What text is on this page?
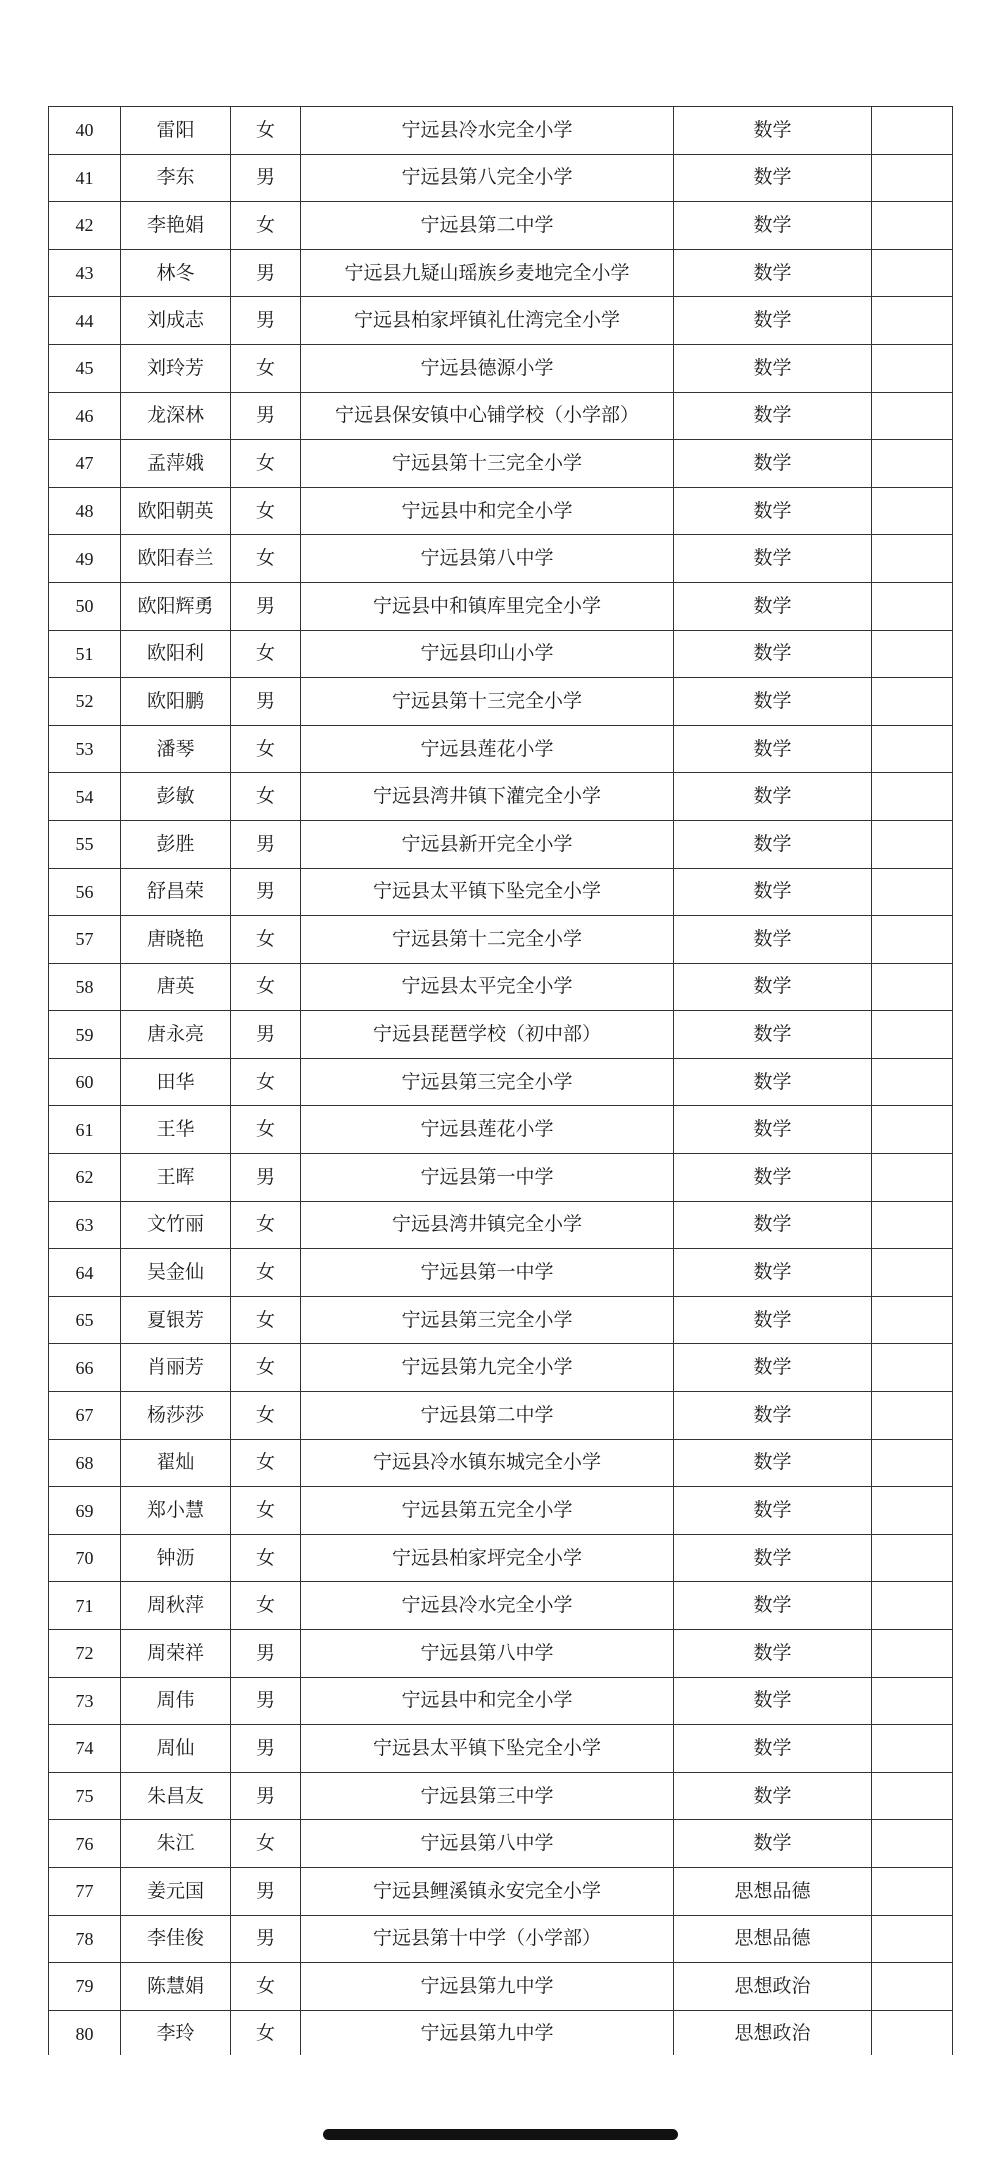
40	雷阳	女	宁远县冷水完全小学	数学	
41	李东	男	宁远县第八完全小学	数学	
42	李艳娟	女	宁远县第二中学	数学	
43	林冬	男	宁远县九疑山瑶族乡麦地完全小学	数学	
44	刘成志	男	宁远县柏家坪镇礼仕湾完全小学	数学	
45	刘玲芳	女	宁远县德源小学	数学	
46	龙深林	男	宁远县保安镇中心铺学校（小学部）	数学	
47	孟萍娥	女	宁远县第十三完全小学	数学	
48	欧阳朝英	女	宁远县中和完全小学	数学	
49	欧阳春兰	女	宁远县第八中学	数学	
50	欧阳辉勇	男	宁远县中和镇库里完全小学	数学	
51	欧阳利	女	宁远县印山小学	数学	
52	欧阳鹏	男	宁远县第十三完全小学	数学	
53	潘琴	女	宁远县莲花小学	数学	
54	彭敏	女	宁远县湾井镇下灌完全小学	数学	
55	彭胜	男	宁远县新开完全小学	数学	
56	舒昌荣	男	宁远县太平镇下坠完全小学	数学	
57	唐晓艳	女	宁远县第十二完全小学	数学	
58	唐英	女	宁远县太平完全小学	数学	
59	唐永亮	男	宁远县琵琶学校（初中部）	数学	
60	田华	女	宁远县第三完全小学	数学	
61	王华	女	宁远县莲花小学	数学	
62	王晖	男	宁远县第一中学	数学	
63	文竹丽	女	宁远县湾井镇完全小学	数学	
64	吴金仙	女	宁远县第一中学	数学	
65	夏银芳	女	宁远县第三完全小学	数学	
66	肖丽芳	女	宁远县第九完全小学	数学	
67	杨莎莎	女	宁远县第二中学	数学	
68	翟灿	女	宁远县冷水镇东城完全小学	数学	
69	郑小慧	女	宁远县第五完全小学	数学	
70	钟沥	女	宁远县柏家坪完全小学	数学	
71	周秋萍	女	宁远县冷水完全小学	数学	
72	周荣祥	男	宁远县第八中学	数学	
73	周伟	男	宁远县中和完全小学	数学	
74	周仙	男	宁远县太平镇下坠完全小学	数学	
75	朱昌友	男	宁远县第三中学	数学	
76	朱江	女	宁远县第八中学	数学	
77	姜元国	男	宁远县鲤溪镇永安完全小学	思想品德	
78	李佳俊	男	宁远县第十中学（小学部）	思想品德	
79	陈慧娟	女	宁远县第九中学	思想政治	
80	李玲	女	宁远县第九中学	思想政治	
